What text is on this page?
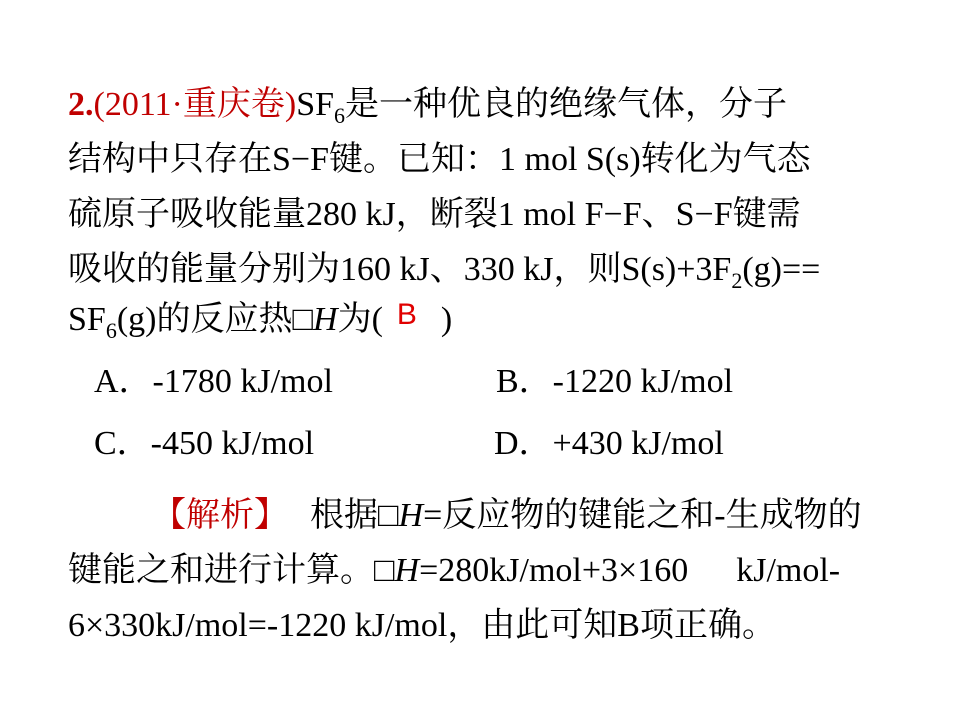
2.(2011·重庆卷)$SF_6$是一种优良的绝缘气体，分子
结构中只存在S−F键。已知：1 mol S(s)转化为气态
硫原子吸收能量280 kJ，断裂1 mol F−F、S−F键需
吸收的能量分别为160 kJ、330 kJ，则$S(s)+3F_2(g)==$
$SF_6(g)$的反应热□H为( B )
A．-1780 kJ/mol	B．-1220 kJ/mol
C．-450 kJ/mol	D．+430 kJ/mol
【解析】 根据□H=反应物的键能之和-生成物的
键能之和进行计算。□H=280kJ/mol+3×160 kJ/mol-
6×330kJ/mol=-1220 kJ/mol，由此可知B项正确。
